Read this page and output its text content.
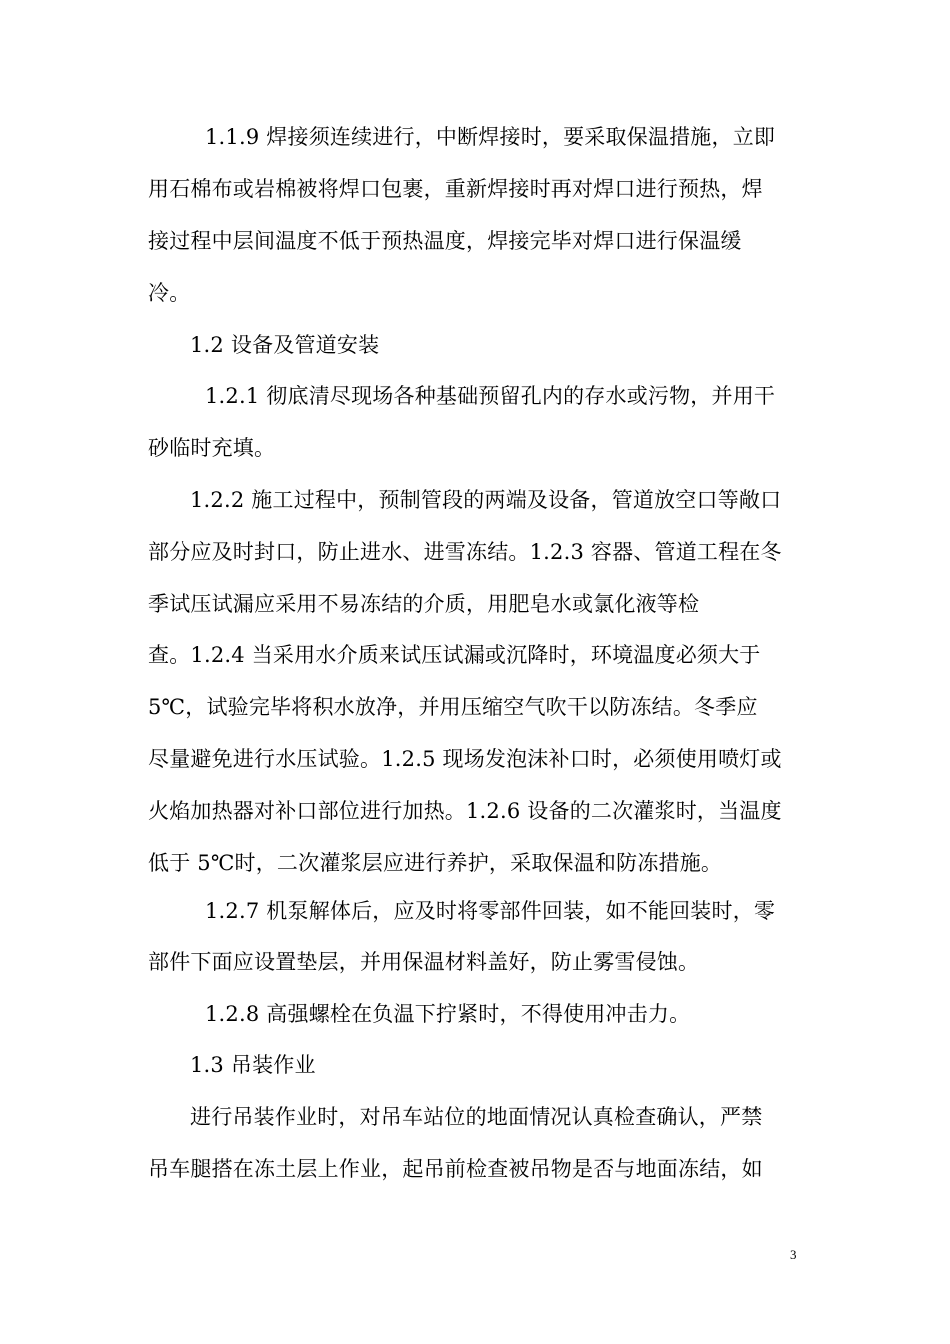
1.1.9 焊接须连续进行，中断焊接时，要采取保温措施，立即
用石棉布或岩棉被将焊口包裹，重新焊接时再对焊口进行预热，焊
接过程中层间温度不低于预热温度，焊接完毕对焊口进行保温缓
冷。
1.2 设备及管道安装
1.2.1 彻底清尽现场各种基础预留孔内的存水或污物，并用干
砂临时充填。
1.2.2 施工过程中，预制管段的两端及设备，管道放空口等敞口
部分应及时封口，防止进水、进雪冻结。1.2.3 容器、管道工程在冬
季试压试漏应采用不易冻结的介质，用肥皂水或氯化液等检
查。1.2.4 当采用水介质来试压试漏或沉降时，环境温度必须大于
5℃，试验完毕将积水放净，并用压缩空气吹干以防冻结。冬季应
尽量避免进行水压试验。1.2.5 现场发泡沫补口时，必须使用喷灯或
火焰加热器对补口部位进行加热。1.2.6 设备的二次灌浆时，当温度
低于 5℃时，二次灌浆层应进行养护，采取保温和防冻措施。
1.2.7 机泵解体后，应及时将零部件回装，如不能回装时，零
部件下面应设置垫层，并用保温材料盖好，防止雾雪侵蚀。
1.2.8 高强螺栓在负温下拧紧时，不得使用冲击力。
1.3 吊装作业
进行吊装作业时，对吊车站位的地面情况认真检查确认，严禁
吊车腿搭在冻土层上作业，起吊前检查被吊物是否与地面冻结，如
3
